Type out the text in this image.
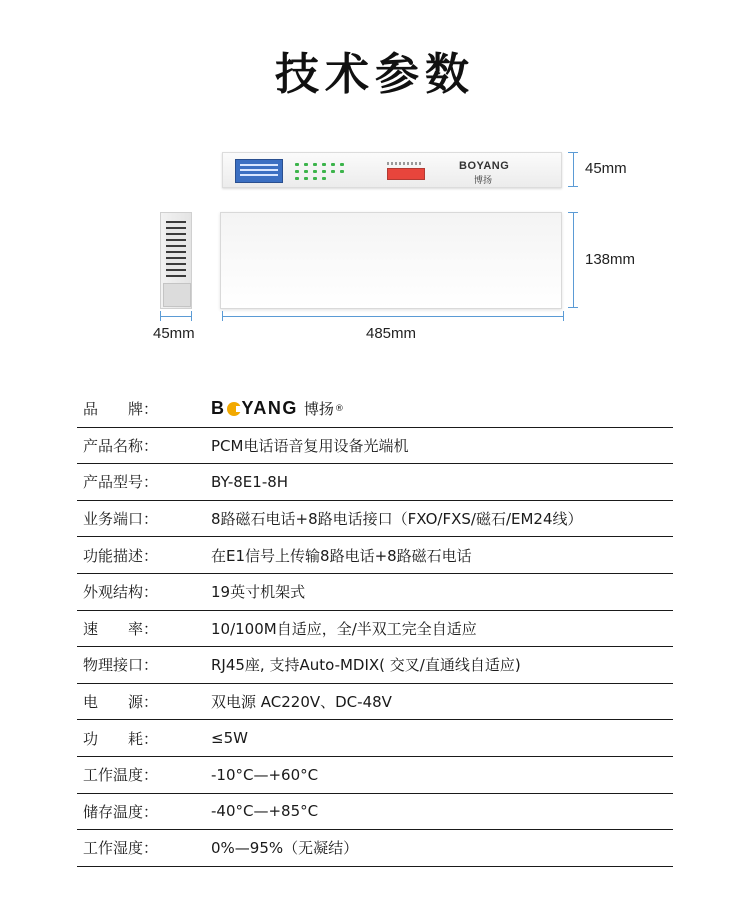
技术参数
BOYANG
博扬
45mm
138mm
45mm	485mm
品　　牌：	B YANG 博扬 ®
产品名称：	PCM电话语音复用设备光端机
产品型号：	BY-8E1-8H
业务端口：	8路磁石电话+8路电话接口（FXO/FXS/磁石/EM24线）
功能描述：	在E1信号上传输8路电话+8路磁石电话
外观结构：	19英寸机架式
速　　率：	10/100M自适应，全/半双工完全自适应
物理接口：	RJ45座, 支持Auto-MDIX( 交叉/直通线自适应)
电　　源：	双电源 AC220V、DC-48V
功　　耗：	≤5W
工作温度：	-10°C—+60°C
储存温度：	-40°C—+85°C
工作湿度：	0%—95%（无凝结）
